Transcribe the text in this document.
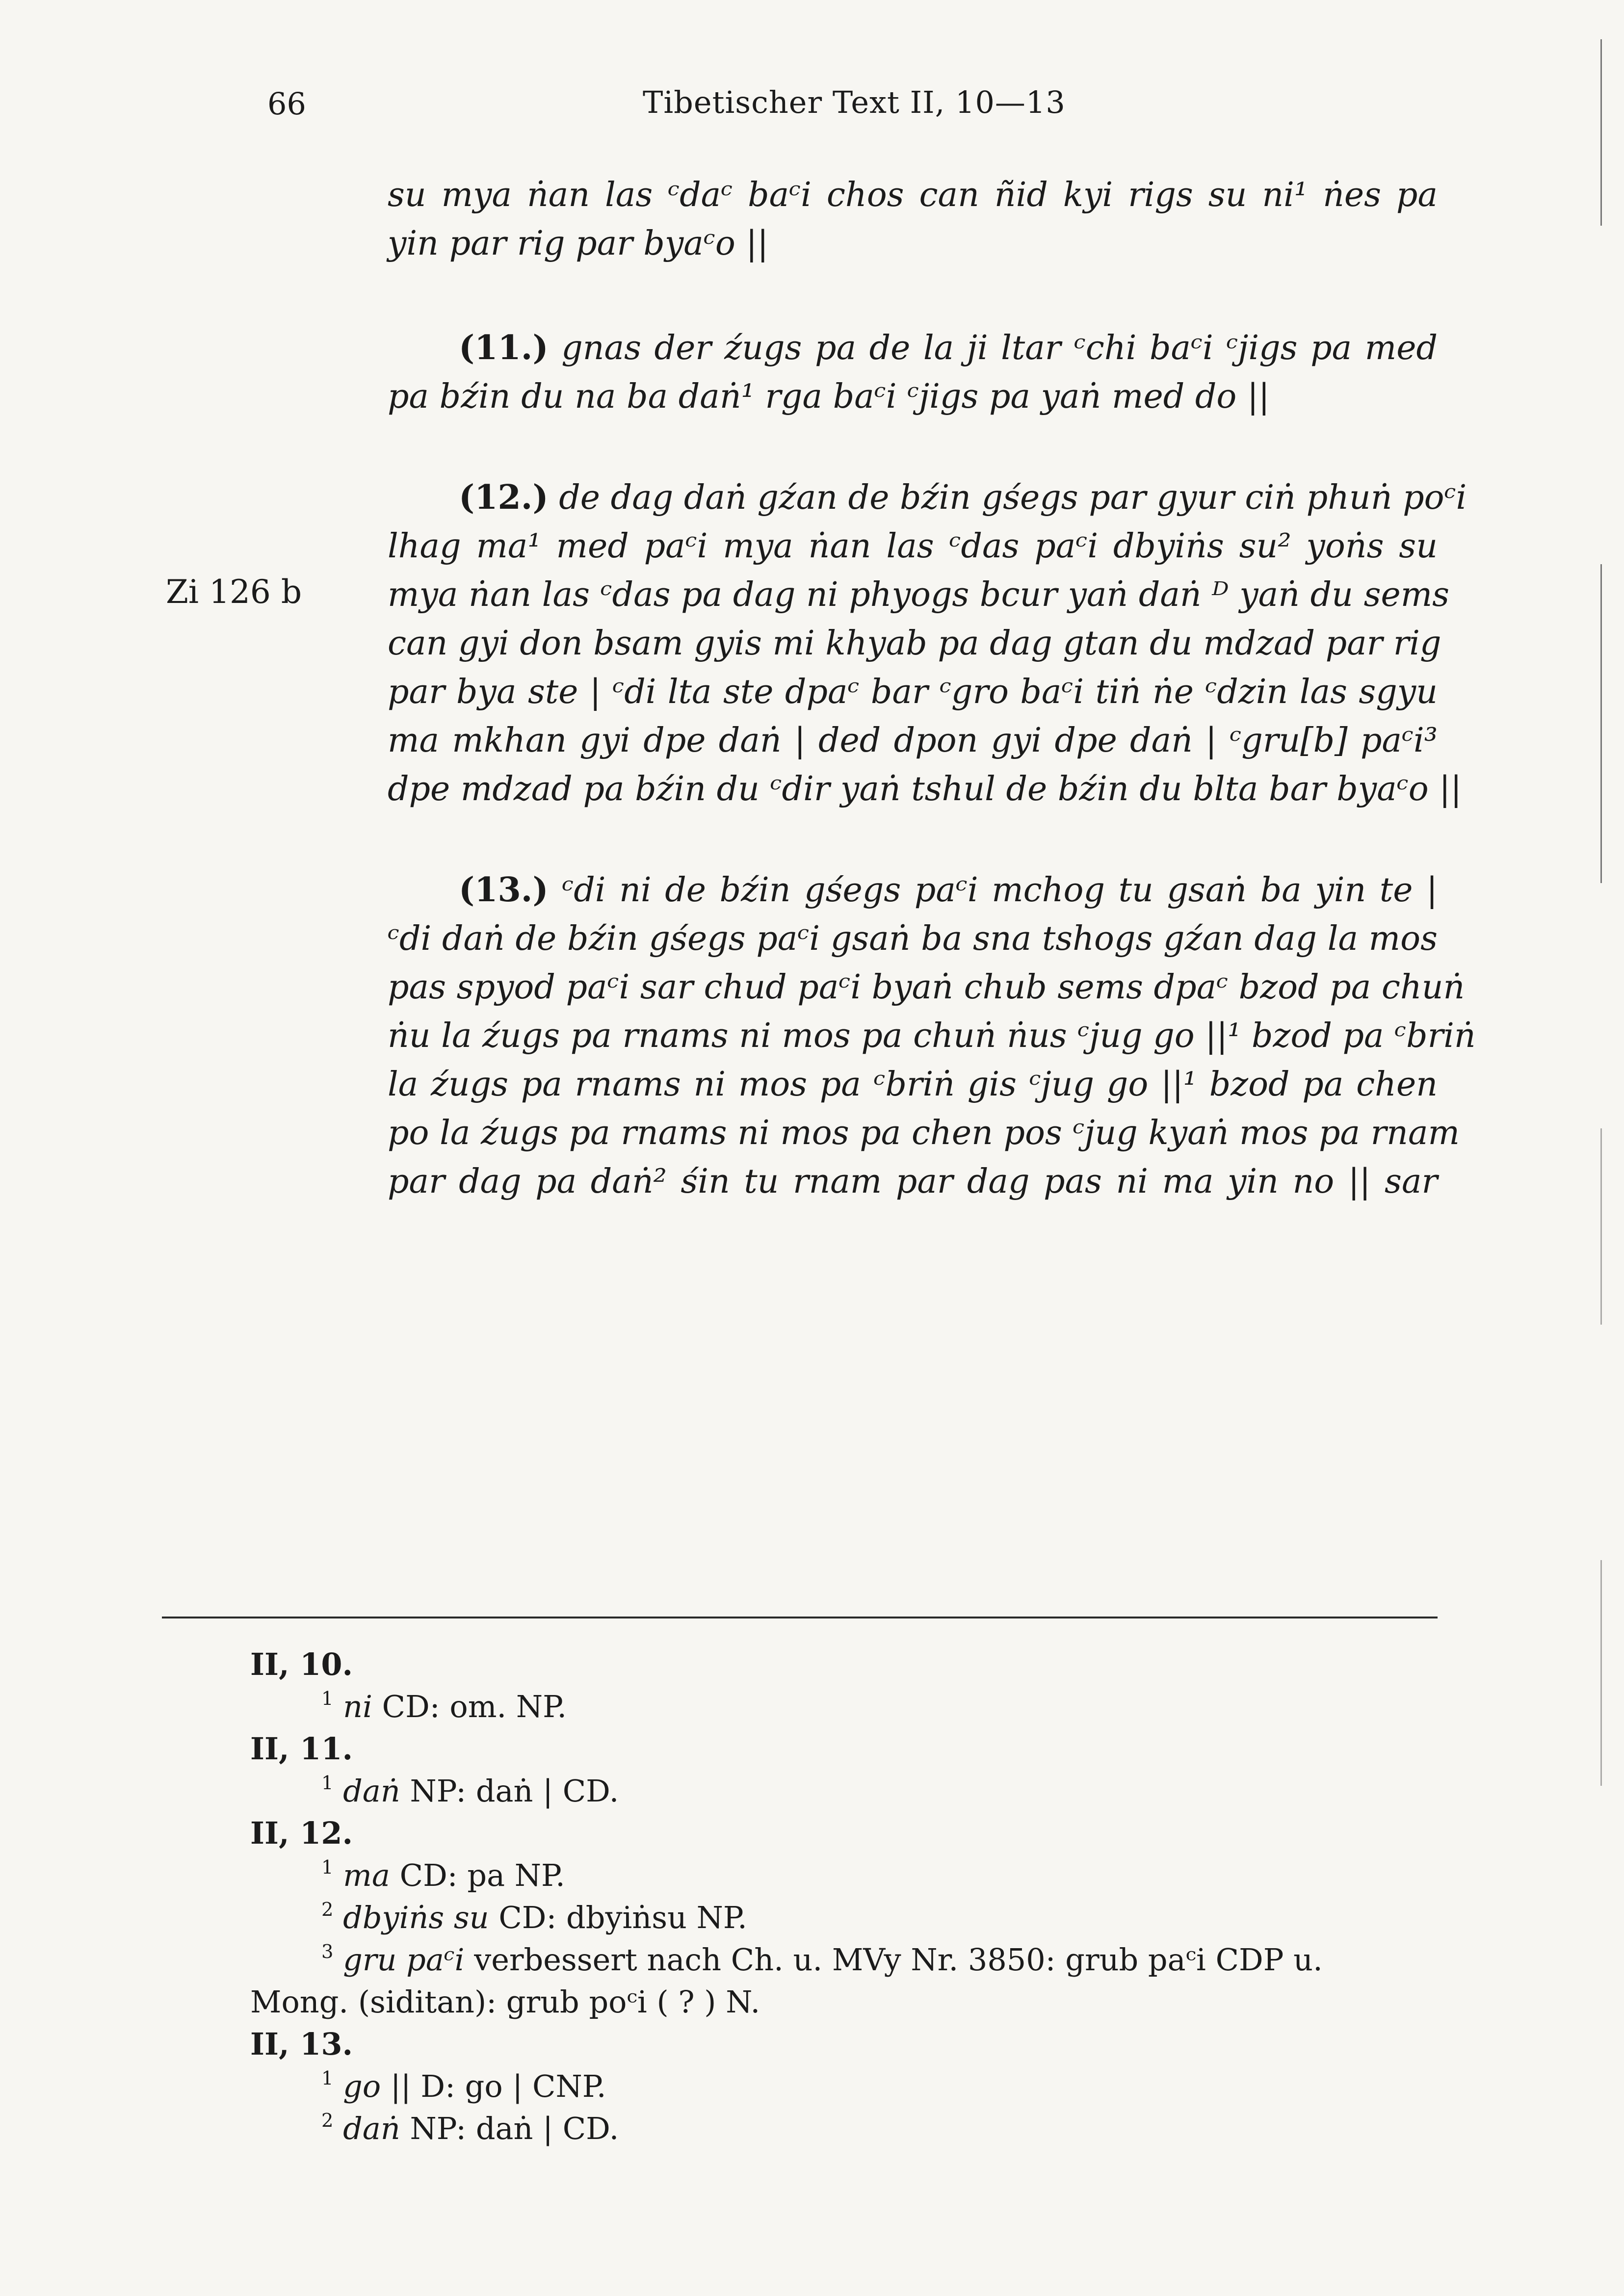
66	Tibetischer Text II, 10—13
Zi 126 b
su mya ṅan las ᶜdaᶜ baᶜi chos can ñid kyi rigs su ni¹ ṅes pa
yin par rig par byaᶜo ||
(11.) gnas der źugs pa de la ji ltar ᶜchi baᶜi ᶜjigs pa med
pa bźin du na ba daṅ¹ rga baᶜi ᶜjigs pa yaṅ med do ||
(12.) de dag daṅ gźan de bźin gśegs par gyur ciṅ phuṅ poᶜi
lhag ma¹ med paᶜi mya ṅan las ᶜdas paᶜi dbyiṅs su² yoṅs su
mya ṅan las ᶜdas pa dag ni phyogs bcur yaṅ daṅ ᴰ yaṅ du sems
can gyi don bsam gyis mi khyab pa dag gtan du mdzad par rig
par bya ste | ᶜdi lta ste dpaᶜ bar ᶜgro baᶜi tiṅ ṅe ᶜdzin las sgyu
ma mkhan gyi dpe daṅ | ded dpon gyi dpe daṅ | ᶜgru[b] paᶜi³
dpe mdzad pa bźin du ᶜdir yaṅ tshul de bźin du blta bar byaᶜo ||
(13.) ᶜdi ni de bźin gśegs paᶜi mchog tu gsaṅ ba yin te |
ᶜdi daṅ de bźin gśegs paᶜi gsaṅ ba sna tshogs gźan dag la mos
pas spyod paᶜi sar chud paᶜi byaṅ chub sems dpaᶜ bzod pa chuṅ
ṅu la źugs pa rnams ni mos pa chuṅ ṅus ᶜjug go ||¹ bzod pa ᶜbriṅ
la źugs pa rnams ni mos pa ᶜbriṅ gis ᶜjug go ||¹ bzod pa chen
po la źugs pa rnams ni mos pa chen pos ᶜjug kyaṅ mos pa rnam
par dag pa daṅ² śin tu rnam par dag pas ni ma yin no || sar
II, 10.
$^1$ ni CD: om. NP.
II, 11.
$^1$ daṅ NP: daṅ | CD.
II, 12.
$^1$ ma CD: pa NP.
$^2$ dbyiṅs su CD: dbyiṅsu NP.
$^3$ gru paᶜi verbessert nach Ch. u. MVy Nr. 3850: grub paᶜi CDP u.
Mong. (siditan): grub poᶜi ( ? ) N.
II, 13.
$^1$ go || D: go | CNP.
$^2$ daṅ NP: daṅ | CD.
